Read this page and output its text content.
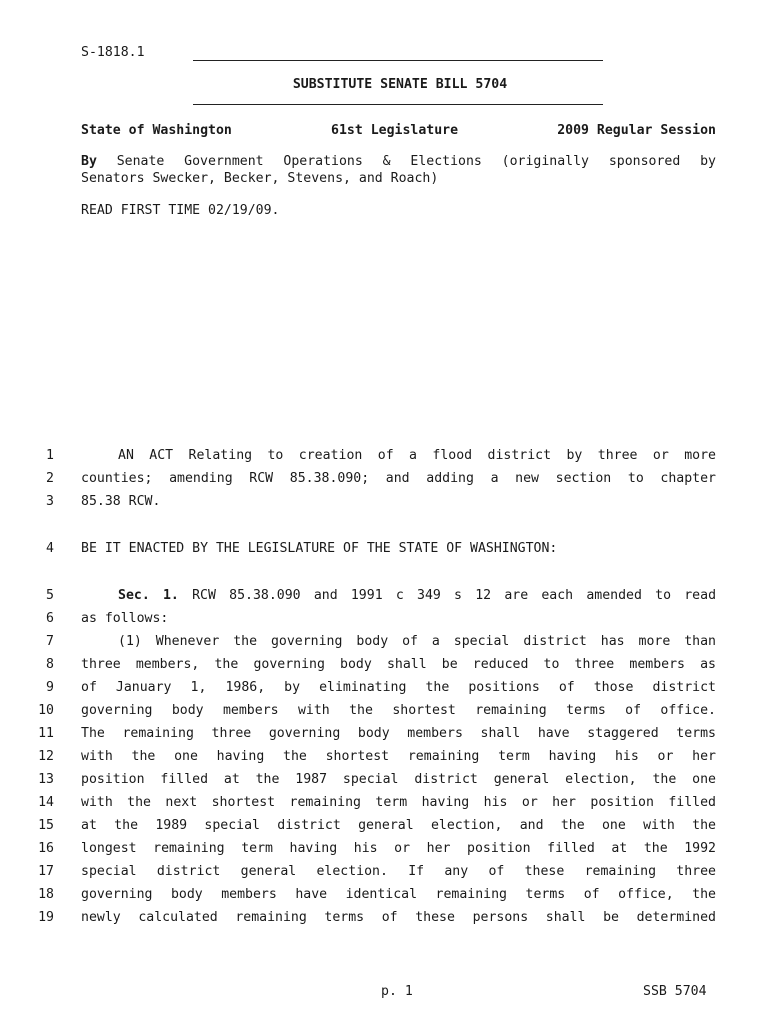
S-1818.1
SUBSTITUTE SENATE BILL 5704
State of Washington	61st Legislature	2009 Regular Session
By Senate Government Operations & Elections (originally sponsored by
Senators Swecker, Becker, Stevens, and Roach)
READ FIRST TIME 02/19/09.
1	AN ACT Relating to creation of a flood district by three or more
2 counties; amending RCW 85.38.090; and adding a new section to chapter
3 85.38 RCW.
4 BE IT ENACTED BY THE LEGISLATURE OF THE STATE OF WASHINGTON:
5	Sec. 1. RCW 85.38.090 and 1991 c 349 s 12 are each amended to read
6 as follows:
7	(1) Whenever the governing body of a special district has more than
8 three members, the governing body shall be reduced to three members as
9 of January 1, 1986, by eliminating the positions of those district
10 governing body members with the shortest remaining terms of office.
11 The remaining three governing body members shall have staggered terms
12 with the one having the shortest remaining term having his or her
13 position filled at the 1987 special district general election, the one
14 with the next shortest remaining term having his or her position filled
15 at the 1989 special district general election, and the one with the
16 longest remaining term having his or her position filled at the 1992
17 special district general election. If any of these remaining three
18 governing body members have identical remaining terms of office, the
19 newly calculated remaining terms of these persons shall be determined
p. 1	SSB 5704
